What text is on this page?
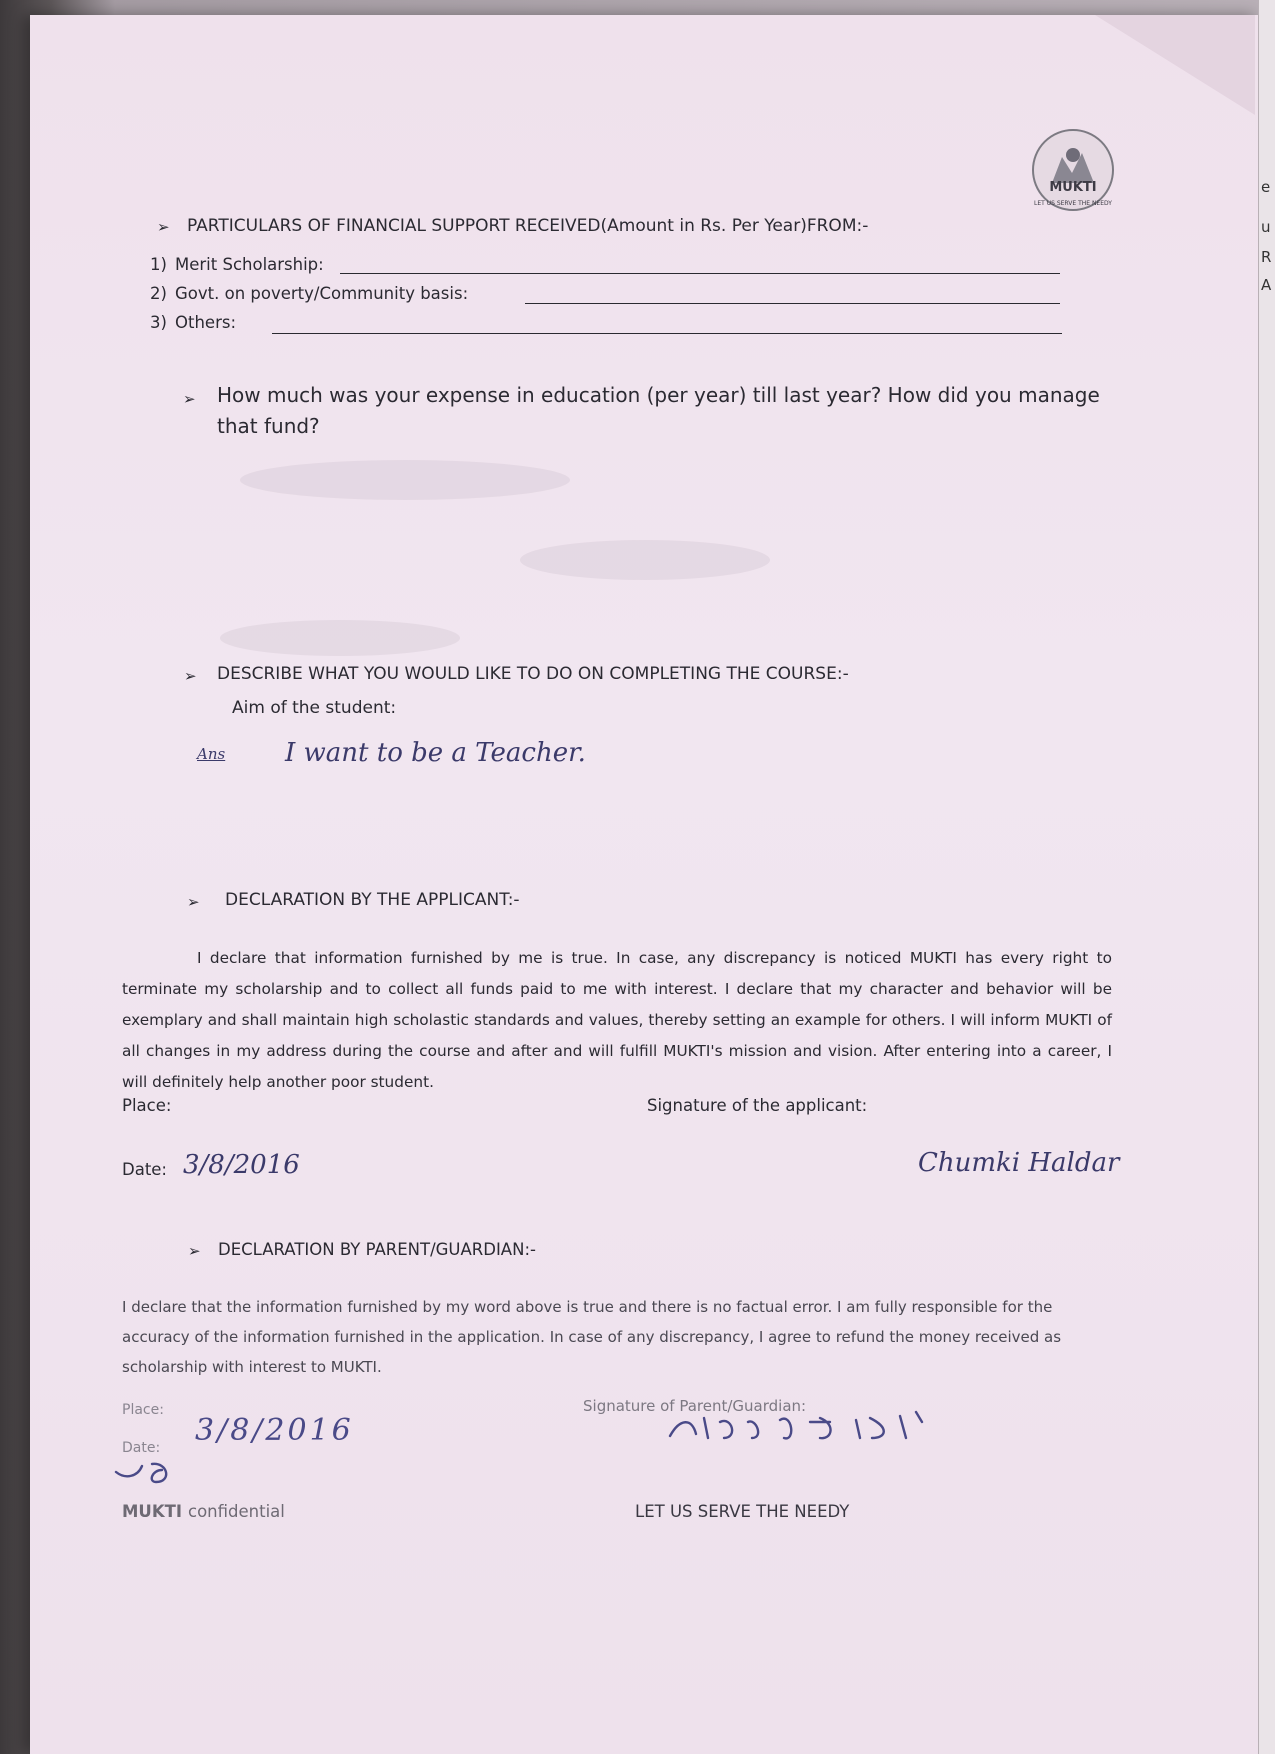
e
u
R
A
MUKTI
LET US SERVE THE NEEDY
➢ PARTICULARS OF FINANCIAL SUPPORT RECEIVED(Amount in Rs. Per Year)FROM:-
1) Merit Scholarship:
2) Govt. on poverty/Community basis:
3) Others:
➢ How much was your expense in education (per year) till last year? How did you manage
that fund?
➢ DESCRIBE WHAT YOU WOULD LIKE TO DO ON COMPLETING THE COURSE:-
Aim of the student:
Ans I want to be a Teacher.
➢ DECLARATION BY THE APPLICANT:-
I declare that information furnished by me is true. In case, any discrepancy is noticed MUKTI has every right to terminate my scholarship and to collect all funds paid to me with interest. I declare that my character and behavior will be exemplary and shall maintain high scholastic standards and values, thereby setting an example for others. I will inform MUKTI of all changes in my address during the course and after and will fulfill MUKTI's mission and vision. After entering into a career, I will definitely help another poor student.
Place:
Date: 3/8/2016
Signature of the applicant:
Chumki Haldar
➢ DECLARATION BY PARENT/GUARDIAN:-
I declare that the information furnished by my word above is true and there is no factual error. I am fully responsible for the accuracy of the information furnished in the application. In case of any discrepancy, I agree to refund the money received as scholarship with interest to MUKTI.
Place:
Date: 3/8/2016
Signature of Parent/Guardian:
MUKTI confidential	LET US SERVE THE NEEDY
